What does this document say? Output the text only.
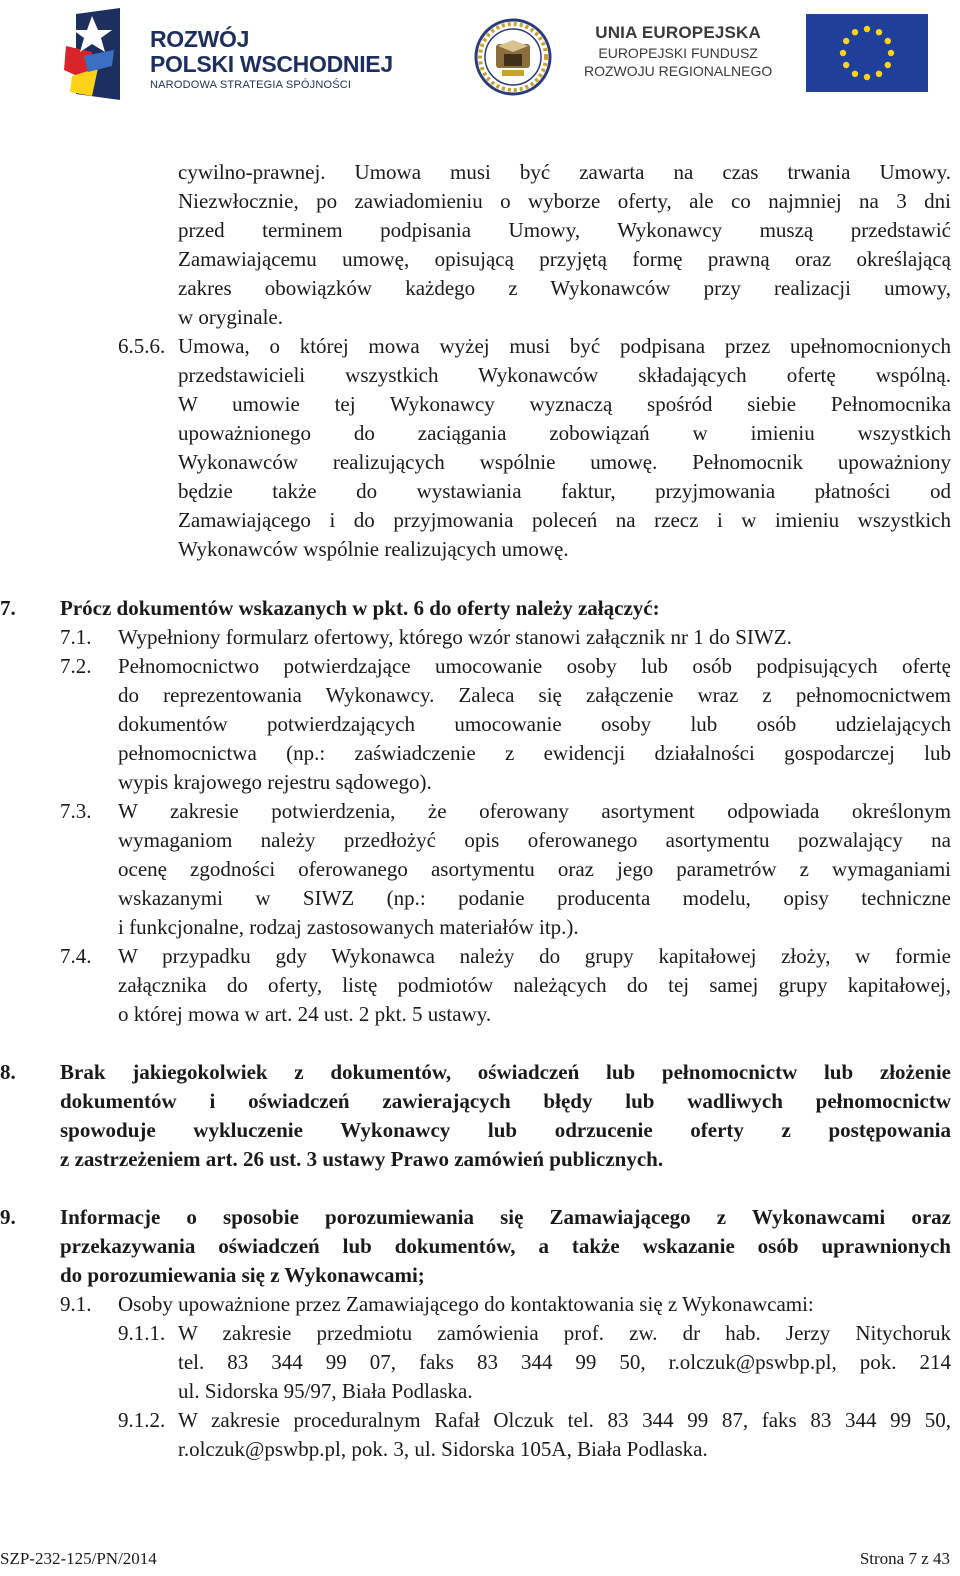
ROZWÓJ
POLSKI WSCHODNIEJ
NARODOWA STRATEGIA SPÓJNOŚCI
UNIA EUROPEJSKA
EUROPEJSKI FUNDUSZ
ROZWOJU REGIONALNEGO
cywilno-prawnej. Umowa musi być zawarta na czas trwania Umowy.
Niezwłocznie, po zawiadomieniu o wyborze oferty, ale co najmniej na 3 dni
przed terminem podpisania Umowy, Wykonawcy muszą przedstawić
Zamawiającemu umowę, opisującą przyjętą formę prawną oraz określającą
zakres obowiązków każdego z Wykonawców przy realizacji umowy,
w oryginale.
6.5.6. Umowa, o której mowa wyżej musi być podpisana przez upełnomocnionych
przedstawicieli wszystkich Wykonawców składających ofertę wspólną.
W umowie tej Wykonawcy wyznaczą spośród siebie Pełnomocnika
upoważnionego do zaciągania zobowiązań w imieniu wszystkich
Wykonawców realizujących wspólnie umowę. Pełnomocnik upoważniony
będzie także do wystawiania faktur, przyjmowania płatności od
Zamawiającego i do przyjmowania poleceń na rzecz i w imieniu wszystkich
Wykonawców wspólnie realizujących umowę.
7. Prócz dokumentów wskazanych w pkt. 6 do oferty należy załączyć:
7.1. Wypełniony formularz ofertowy, którego wzór stanowi załącznik nr 1 do SIWZ.
7.2. Pełnomocnictwo potwierdzające umocowanie osoby lub osób podpisujących ofertę
do reprezentowania Wykonawcy. Zaleca się załączenie wraz z pełnomocnictwem
dokumentów potwierdzających umocowanie osoby lub osób udzielających
pełnomocnictwa (np.: zaświadczenie z ewidencji działalności gospodarczej lub
wypis krajowego rejestru sądowego).
7.3. W zakresie potwierdzenia, że oferowany asortyment odpowiada określonym
wymaganiom należy przedłożyć opis oferowanego asortymentu pozwalający na
ocenę zgodności oferowanego asortymentu oraz jego parametrów z wymaganiami
wskazanymi w SIWZ (np.: podanie producenta modelu, opisy techniczne
i funkcjonalne, rodzaj zastosowanych materiałów itp.).
7.4. W przypadku gdy Wykonawca należy do grupy kapitałowej złoży, w formie
załącznika do oferty, listę podmiotów należących do tej samej grupy kapitałowej,
o której mowa w art. 24 ust. 2 pkt. 5 ustawy.
8. Brak jakiegokolwiek z dokumentów, oświadczeń lub pełnomocnictw lub złożenie
dokumentów i oświadczeń zawierających błędy lub wadliwych pełnomocnictw
spowoduje wykluczenie Wykonawcy lub odrzucenie oferty z postępowania
z zastrzeżeniem art. 26 ust. 3 ustawy Prawo zamówień publicznych.
9. Informacje o sposobie porozumiewania się Zamawiającego z Wykonawcami oraz
przekazywania oświadczeń lub dokumentów, a także wskazanie osób uprawnionych
do porozumiewania się z Wykonawcami;
9.1. Osoby upoważnione przez Zamawiającego do kontaktowania się z Wykonawcami:
9.1.1. W zakresie przedmiotu zamówienia prof. zw. dr hab. Jerzy Nitychoruk
tel. 83 344 99 07, faks 83 344 99 50, r.olczuk@pswbp.pl, pok. 214
ul. Sidorska 95/97, Biała Podlaska.
9.1.2. W zakresie proceduralnym Rafał Olczuk tel. 83 344 99 87, faks 83 344 99 50,
r.olczuk@pswbp.pl, pok. 3, ul. Sidorska 105A, Biała Podlaska.
SZP-232-125/PN/2014	Strona 7 z 43
